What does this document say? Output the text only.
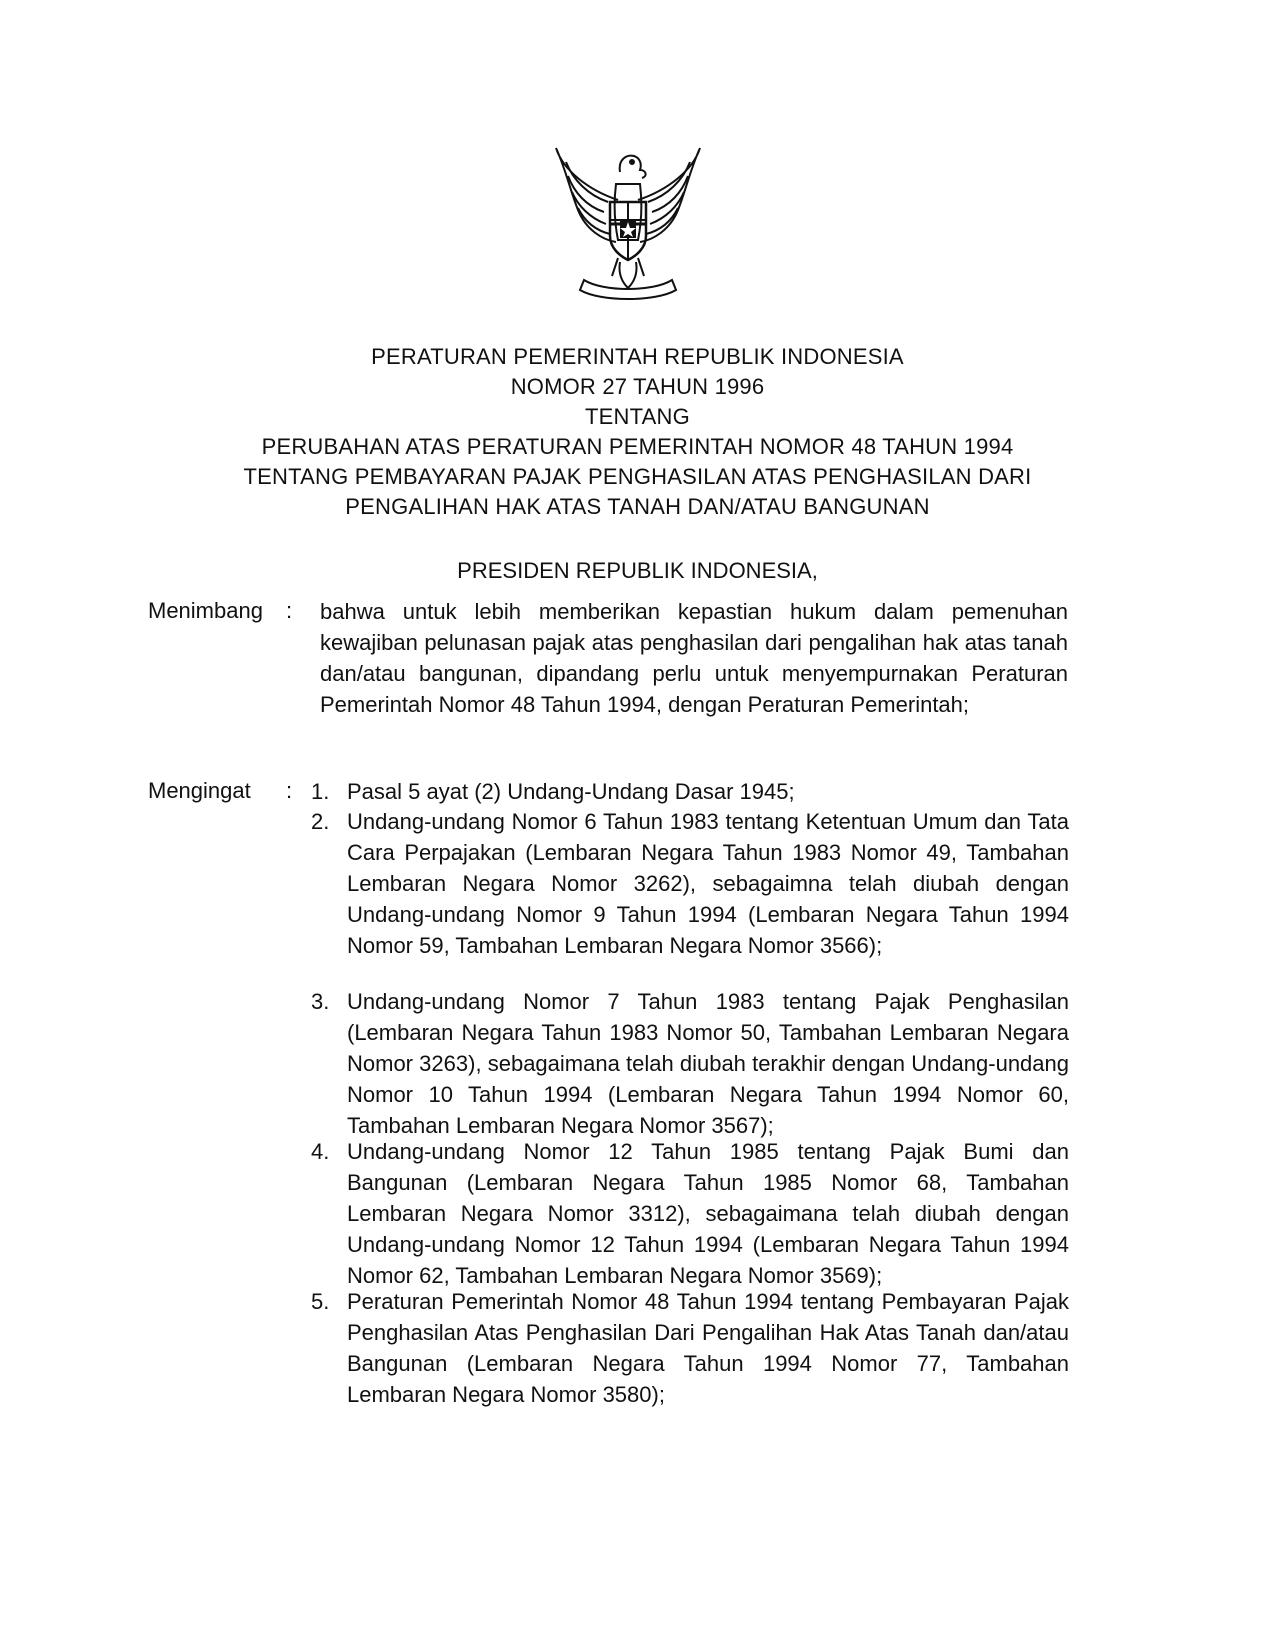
PERATURAN PEMERINTAH REPUBLIK INDONESIA
NOMOR 27 TAHUN 1996
TENTANG
PERUBAHAN ATAS PERATURAN PEMERINTAH NOMOR 48 TAHUN 1994
TENTANG PEMBAYARAN PAJAK PENGHASILAN ATAS PENGHASILAN DARI
PENGALIHAN HAK ATAS TANAH DAN/ATAU BANGUNAN
PRESIDEN REPUBLIK INDONESIA,
Menimbang : bahwa untuk lebih memberikan kepastian hukum dalam pemenuhan kewajiban pelunasan pajak atas penghasilan dari pengalihan hak atas tanah dan/atau bangunan, dipandang perlu untuk menyempurnakan Peraturan Pemerintah Nomor 48 Tahun 1994, dengan Peraturan Pemerintah;
Mengingat : 1. Pasal 5 ayat (2) Undang-Undang Dasar 1945;
2. Undang-undang Nomor 6 Tahun 1983 tentang Ketentuan Umum dan Tata Cara Perpajakan (Lembaran Negara Tahun 1983 Nomor 49, Tambahan Lembaran Negara Nomor 3262), sebagaimna telah diubah dengan Undang-undang Nomor 9 Tahun 1994 (Lembaran Negara Tahun 1994 Nomor 59, Tambahan Lembaran Negara Nomor 3566);
3. Undang-undang Nomor 7 Tahun 1983 tentang Pajak Penghasilan (Lembaran Negara Tahun 1983 Nomor 50, Tambahan Lembaran Negara Nomor 3263), sebagaimana telah diubah terakhir dengan Undang-undang Nomor 10 Tahun 1994 (Lembaran Negara Tahun 1994 Nomor 60, Tambahan Lembaran Negara Nomor 3567);
4. Undang-undang Nomor 12 Tahun 1985 tentang Pajak Bumi dan Bangunan (Lembaran Negara Tahun 1985 Nomor 68, Tambahan Lembaran Negara Nomor 3312), sebagaimana telah diubah dengan Undang-undang Nomor 12 Tahun 1994 (Lembaran Negara Tahun 1994 Nomor 62, Tambahan Lembaran Negara Nomor 3569);
5. Peraturan Pemerintah Nomor 48 Tahun 1994 tentang Pembayaran Pajak Penghasilan Atas Penghasilan Dari Pengalihan Hak Atas Tanah dan/atau Bangunan (Lembaran Negara Tahun 1994 Nomor 77, Tambahan Lembaran Negara Nomor 3580);
